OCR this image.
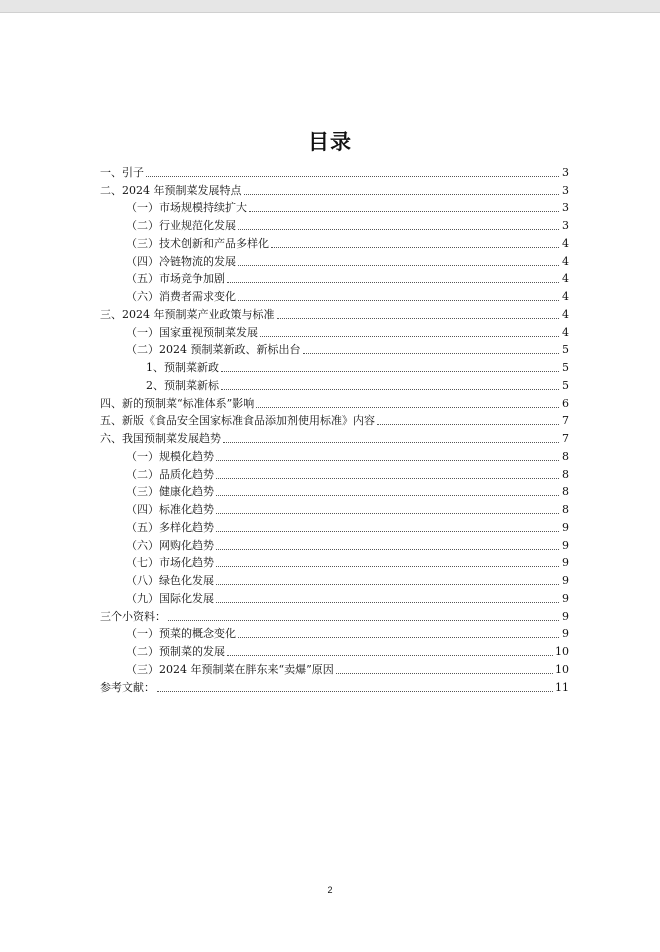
目录
一、引子	3
二、2024 年预制菜发展特点	3
（一）市场规模持续扩大	3
（二）行业规范化发展	3
（三）技术创新和产品多样化	4
（四）冷链物流的发展	4
（五）市场竞争加剧	4
（六）消费者需求变化	4
三、2024 年预制菜产业政策与标准	4
（一）国家重视预制菜发展	4
（二）2024 预制菜新政、新标出台	5
1、预制菜新政	5
2、预制菜新标	5
四、新的预制菜“标准体系”影响	6
五、新版《食品安全国家标准食品添加剂使用标准》内容	7
六、我国预制菜发展趋势	7
（一）规模化趋势	8
（二）品质化趋势	8
（三）健康化趋势	8
（四）标准化趋势	8
（五）多样化趋势	9
（六）网购化趋势	9
（七）市场化趋势	9
（八）绿色化发展	9
（九）国际化发展	9
三个小资料：	9
（一）预菜的概念变化	9
（二）预制菜的发展	10
（三）2024 年预制菜在胖东来“卖爆”原因	10
参考文献：	11
2
